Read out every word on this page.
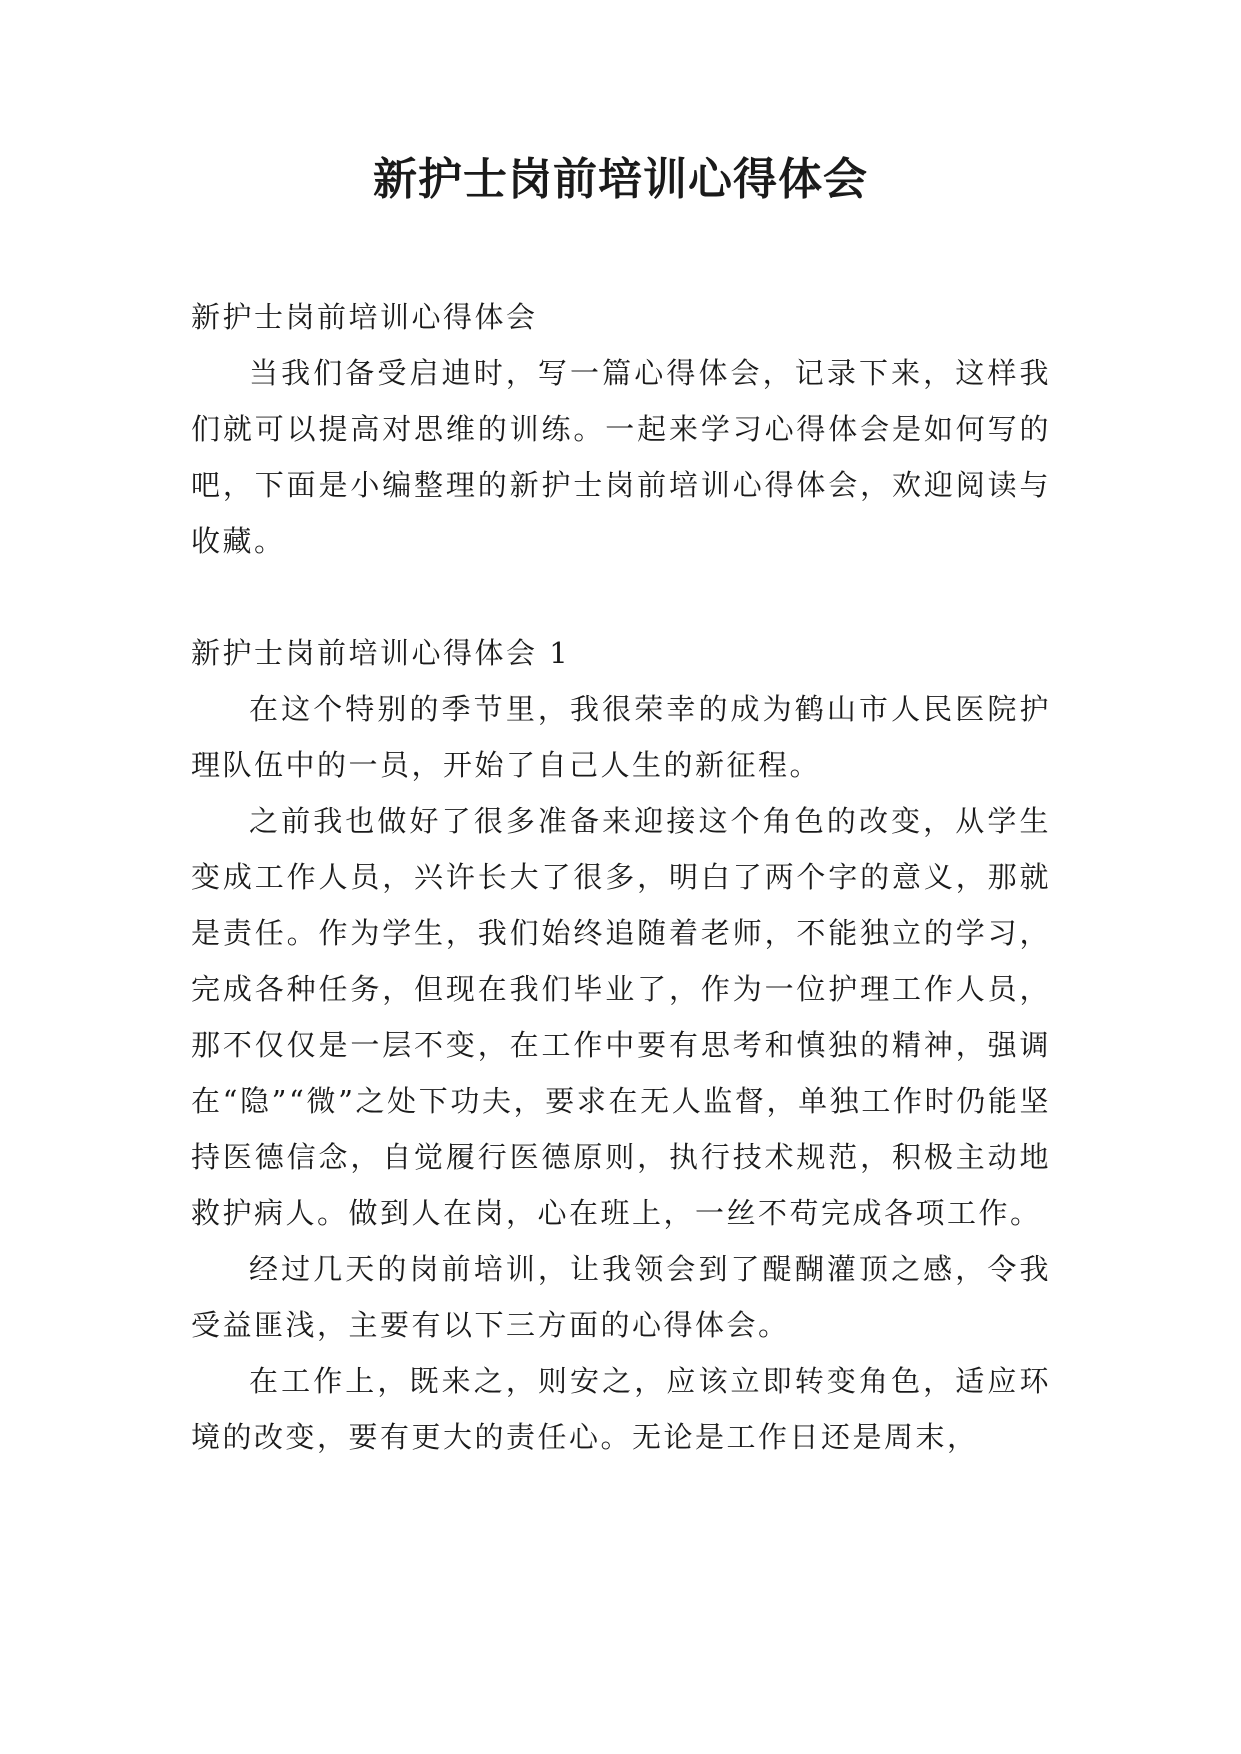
新护士岗前培训心得体会

新护士岗前培训心得体会

当我们备受启迪时，写一篇心得体会，记录下来，这样我们就可以提高对思维的训练。一起来学习心得体会是如何写的吧，下面是小编整理的新护士岗前培训心得体会，欢迎阅读与收藏。

新护士岗前培训心得体会 1

在这个特别的季节里，我很荣幸的成为鹤山市人民医院护理队伍中的一员，开始了自己人生的新征程。

之前我也做好了很多准备来迎接这个角色的改变，从学生变成工作人员，兴许长大了很多，明白了两个字的意义，那就是责任。作为学生，我们始终追随着老师，不能独立的学习，完成各种任务，但现在我们毕业了，作为一位护理工作人员，那不仅仅是一层不变，在工作中要有思考和慎独的精神，强调在“隐”“微”之处下功夫，要求在无人监督，单独工作时仍能坚持医德信念，自觉履行医德原则，执行技术规范，积极主动地救护病人。做到人在岗，心在班上，一丝不苟完成各项工作。

经过几天的岗前培训，让我领会到了醍醐灌顶之感，令我受益匪浅，主要有以下三方面的心得体会。

在工作上，既来之，则安之，应该立即转变角色，适应环境的改变，要有更大的责任心。无论是工作日还是周末，
